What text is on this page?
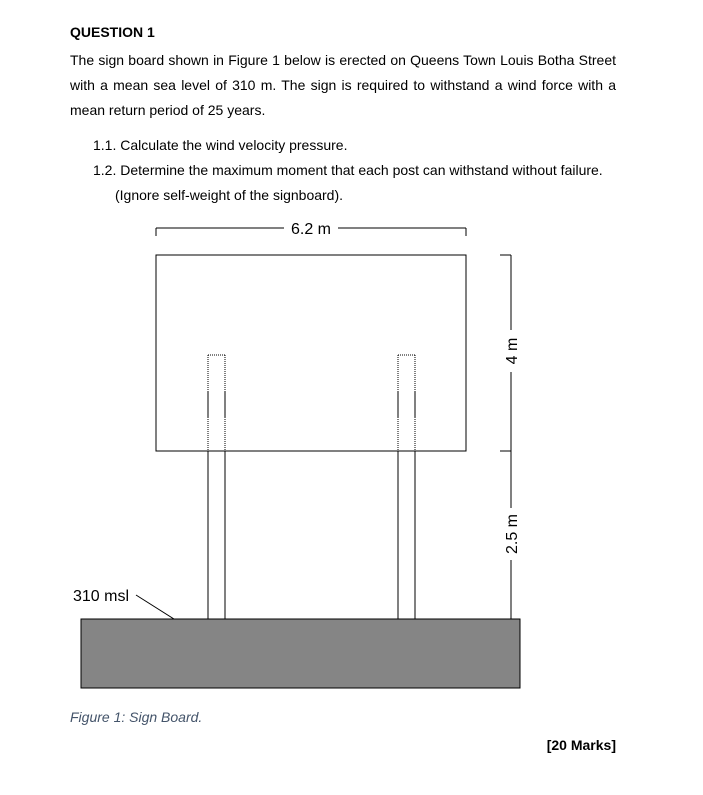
QUESTION 1
The sign board shown in Figure 1 below is erected on Queens Town Louis Botha Street with a mean sea level of 310 m. The sign is required to withstand a wind force with a mean return period of 25 years.
1.1. Calculate the wind velocity pressure.
1.2. Determine the maximum moment that each post can withstand without failure.
(Ignore self-weight of the signboard).
6.2 m
310 msl
4 m
2.5 m
Figure 1: Sign Board.
[20 Marks]
